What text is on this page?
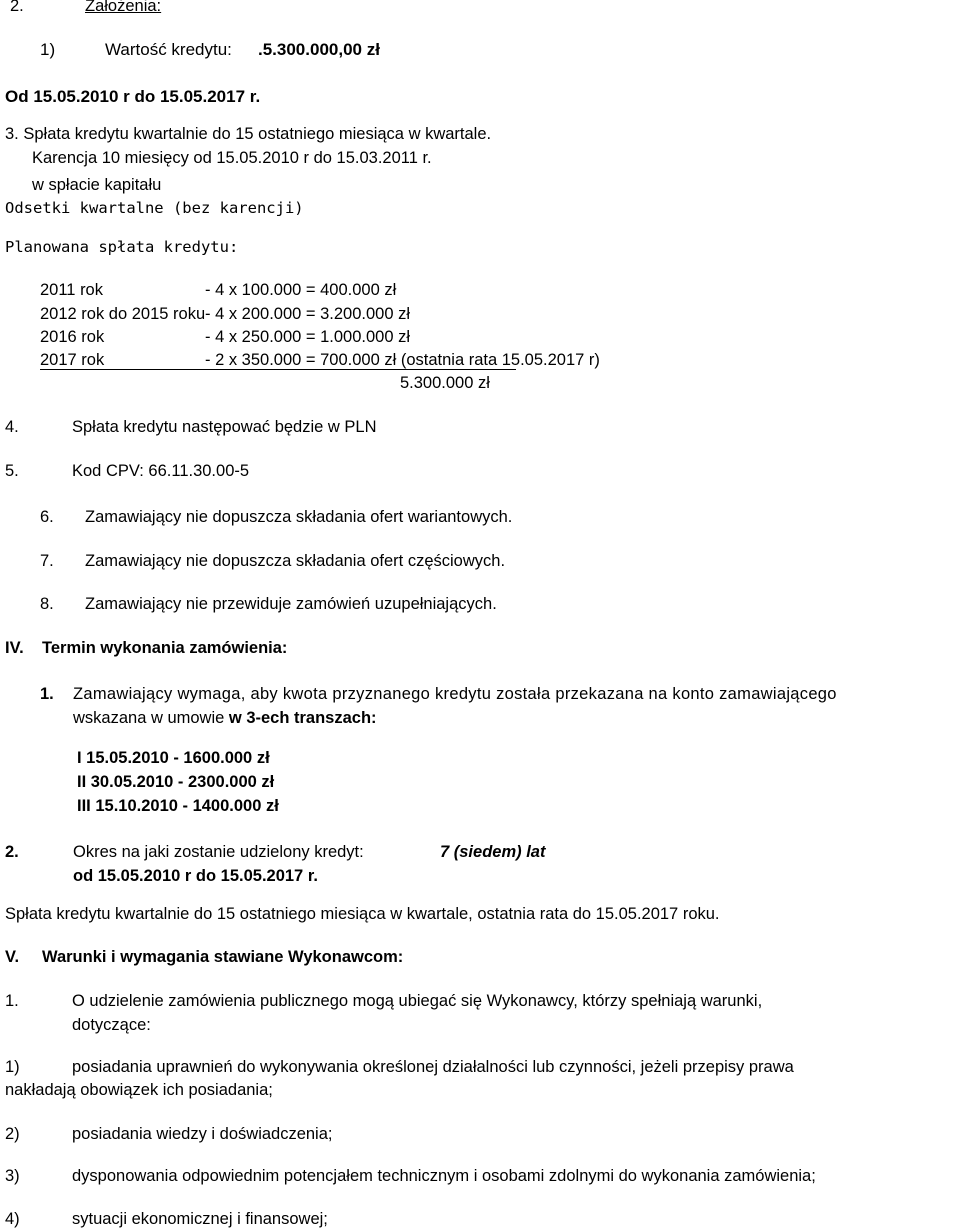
2.	Założenia:
1)	Wartość kredytu: .5.300.000,00 zł
Od 15.05.2010 r do 15.05.2017 r.
3. Spłata kredytu kwartalnie do 15 ostatniego miesiąca w kwartale.
Karencja 10 miesięcy od 15.05.2010 r do 15.03.2011 r.
w spłacie kapitału
Odsetki kwartalne (bez karencji)
Planowana spłata kredytu:
2011 rok	- 4 x 100.000 = 400.000 zł
2012 rok do 2015 roku - 4 x 200.000 = 3.200.000 zł
2016 rok	- 4 x 250.000 = 1.000.000 zł
2017 rok	- 2 x 350.000 = 700.000 zł (ostatnia rata 15.05.2017 r)
5.300.000 zł
4.	Spłata kredytu następować będzie w PLN
5.	Kod CPV: 66.11.30.00-5
6. Zamawiający nie dopuszcza składania ofert wariantowych.
7. Zamawiający nie dopuszcza składania ofert częściowych.
8. Zamawiający nie przewiduje zamówień uzupełniających.
IV. Termin wykonania zamówienia:
1. Zamawiający wymaga, aby kwota przyznanego kredytu została przekazana na konto zamawiającego
wskazana w umowie w 3-ech transzach:
I 15.05.2010 - 1600.000 zł
II 30.05.2010 - 2300.000 zł
III 15.10.2010 - 1400.000 zł
2.	Okres na jaki zostanie udzielony kredyt:	7 (siedem) lat
od 15.05.2010 r do 15.05.2017 r.
Spłata kredytu kwartalnie do 15 ostatniego miesiąca w kwartale, ostatnia rata do 15.05.2017 roku.
V. Warunki i wymagania stawiane Wykonawcom:
1.	O udzielenie zamówienia publicznego mogą ubiegać się Wykonawcy, którzy spełniają warunki,
dotyczące:
1)	posiadania uprawnień do wykonywania określonej działalności lub czynności, jeżeli przepisy prawa
nakładają obowiązek ich posiadania;
2)	posiadania wiedzy i doświadczenia;
3)	dysponowania odpowiednim potencjałem technicznym i osobami zdolnymi do wykonania zamówienia;
4)	sytuacji ekonomicznej i finansowej;
